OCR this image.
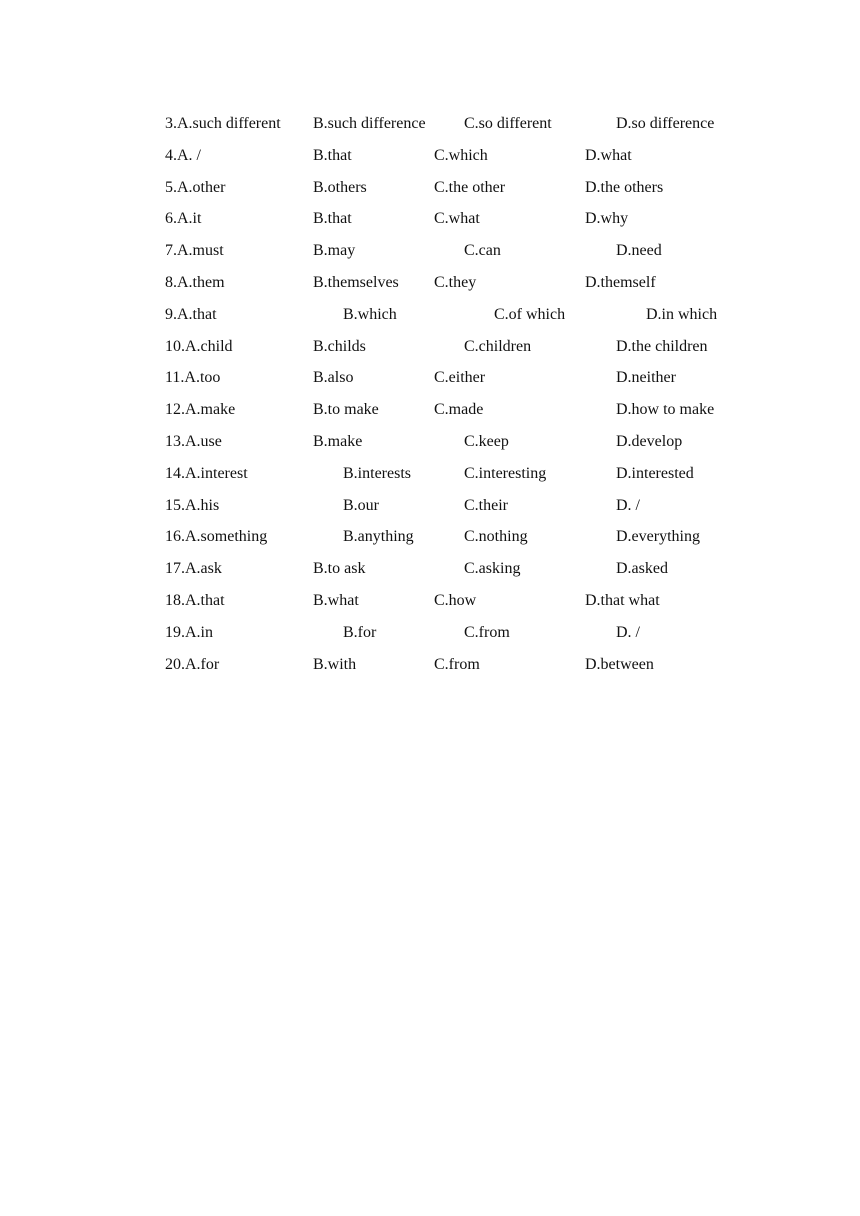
3.A.such different B.such difference C.so different	D.so difference
4.A. /	B.that	C.which	D.what
5.A.other	B.others	C.the other	D.the others
6.A.it	B.that	C.what	D.why
7.A.must	B.may	C.can	D.need
8.A.them	B.themselves C.they	D.themself
9.A.that	B.which	C.of which	D.in which
10.A.child	B.childs	C.children	D.the children
11.A.too	B.also	C.either	D.neither
12.A.make	B.to make	C.made	D.how to make
13.A.use	B.make	C.keep	D.develop
14.A.interest	B.interests	C.interesting	D.interested
15.A.his	B.our	C.their	D. /
16.A.something	B.anything	C.nothing	D.everything
17.A.ask	B.to ask	C.asking	D.asked
18.A.that	B.what	C.how	D.that what
19.A.in	B.for	C.from	D. /
20.A.for	B.with	C.from	D.between
